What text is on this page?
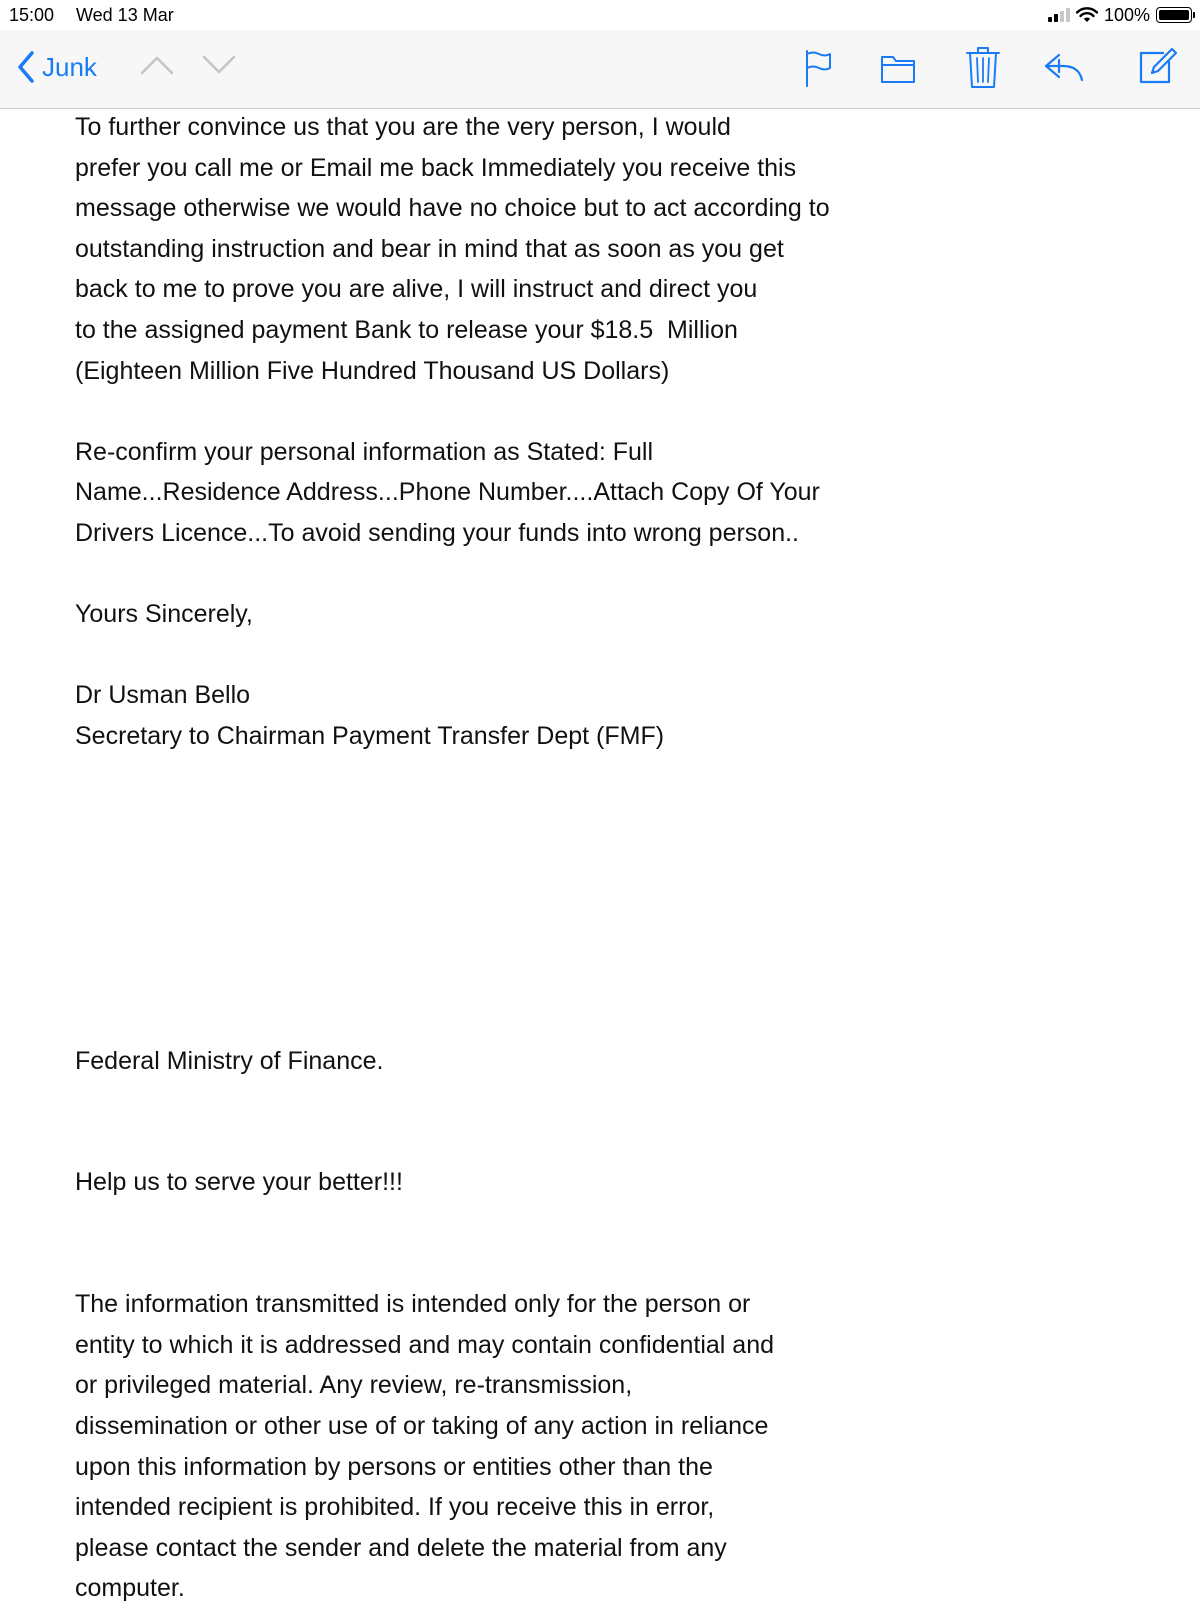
15:00 Wed 13 Mar	100%
Junk
To further convince us that you are the very person, I would
prefer you call me or Email me back Immediately you receive this
message otherwise we would have no choice but to act according to
outstanding instruction and bear in mind that as soon as you get
back to me to prove you are alive, I will instruct and direct you
to the assigned payment Bank to release your $18.5  Million
(Eighteen Million Five Hundred Thousand US Dollars)
Re-confirm your personal information as Stated: Full
Name...Residence Address...Phone Number....Attach Copy Of Your
Drivers Licence...To avoid sending your funds into wrong person..
Yours Sincerely,
Dr Usman Bello
Secretary to Chairman Payment Transfer Dept (FMF)
Federal Ministry of Finance.
Help us to serve your better!!!
The information transmitted is intended only for the person or
entity to which it is addressed and may contain confidential and
or privileged material. Any review, re-transmission,
dissemination or other use of or taking of any action in reliance
upon this information by persons or entities other than the
intended recipient is prohibited. If you receive this in error,
please contact the sender and delete the material from any
computer.
